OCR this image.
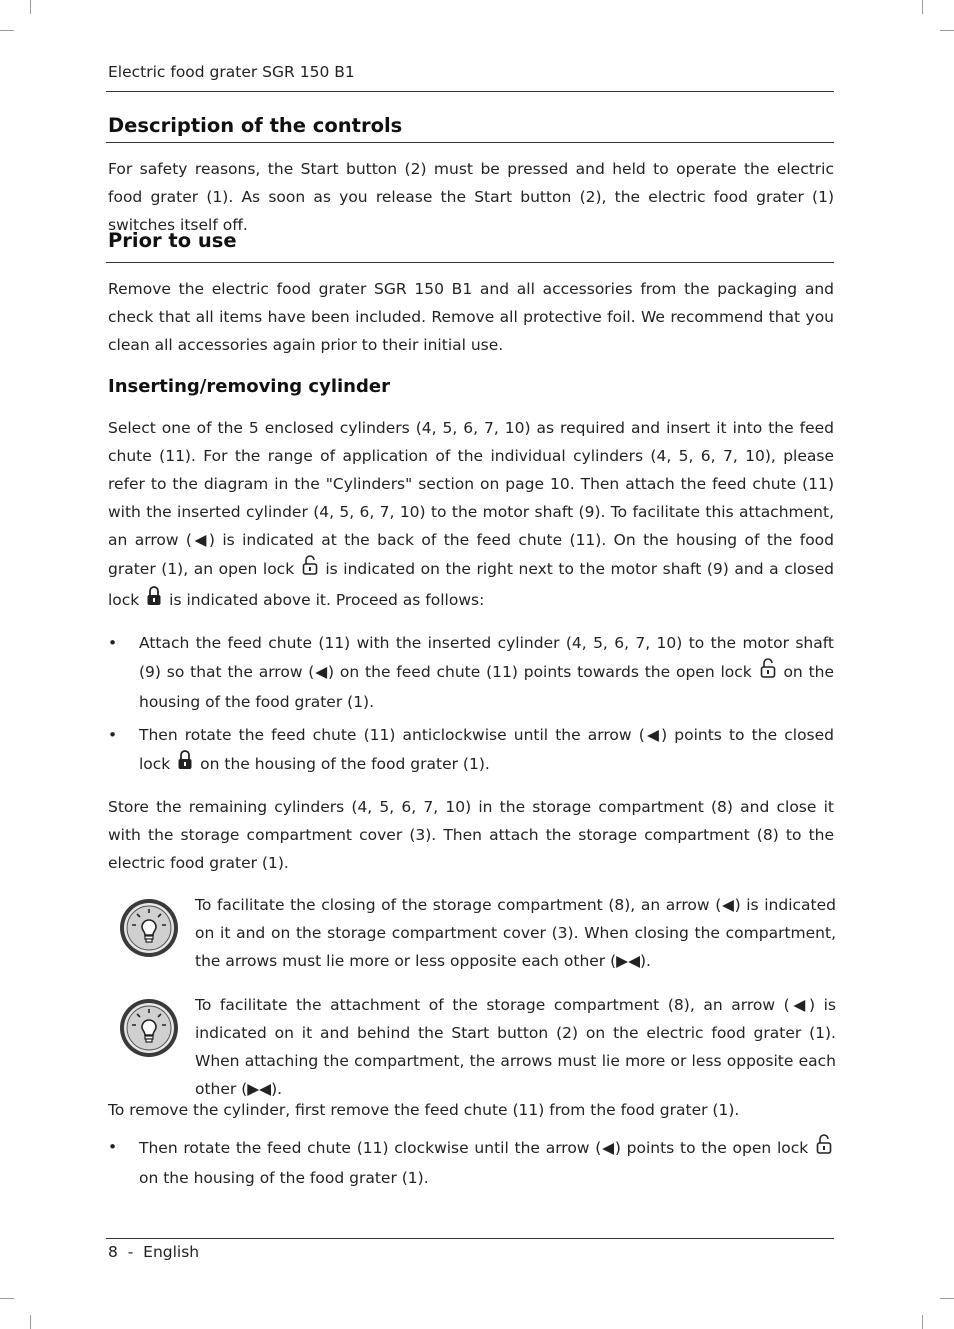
Electric food grater SGR 150 B1
Description of the controls

For safety reasons, the Start button (2) must be pressed and held to operate the electric food grater (1). As soon as you release the Start button (2), the electric food grater (1) switches itself off.

Prior to use

Remove the electric food grater SGR 150 B1 and all accessories from the packaging and check that all items have been included. Remove all protective foil. We recommend that you clean all accessories again prior to their initial use.

Inserting/removing cylinder

Select one of the 5 enclosed cylinders (4, 5, 6, 7, 10) as required and insert it into the feed chute (11). For the range of application of the individual cylinders (4, 5, 6, 7, 10), please refer to the diagram in the "Cylinders" section on page 10. Then attach the feed chute (11) with the inserted cylinder (4, 5, 6, 7, 10) to the motor shaft (9). To facilitate this attachment, an arrow (◀) is indicated at the back of the feed chute (11). On the housing of the food grater (1), an open lock is indicated on the right next to the motor shaft (9) and a closed lock is indicated above it. Proceed as follows:

• Attach the feed chute (11) with the inserted cylinder (4, 5, 6, 7, 10) to the motor shaft (9) so that the arrow (◀) on the feed chute (11) points towards the open lock on the housing of the food grater (1).
• Then rotate the feed chute (11) anticlockwise until the arrow (◀) points to the closed lock on the housing of the food grater (1).

Store the remaining cylinders (4, 5, 6, 7, 10) in the storage compartment (8) and close it with the storage compartment cover (3). Then attach the storage compartment (8) to the electric food grater (1).

To facilitate the closing of the storage compartment (8), an arrow (◀) is indicated on it and on the storage compartment cover (3). When closing the compartment, the arrows must lie more or less opposite each other (▶◀).

To facilitate the attachment of the storage compartment (8), an arrow (◀) is indicated on it and behind the Start button (2) on the electric food grater (1). When attaching the compartment, the arrows must lie more or less opposite each other (▶◀).

To remove the cylinder, first remove the feed chute (11) from the food grater (1).

• Then rotate the feed chute (11) clockwise until the arrow (◀) points to the open lock  on the housing of the food grater (1).
8  -  English
